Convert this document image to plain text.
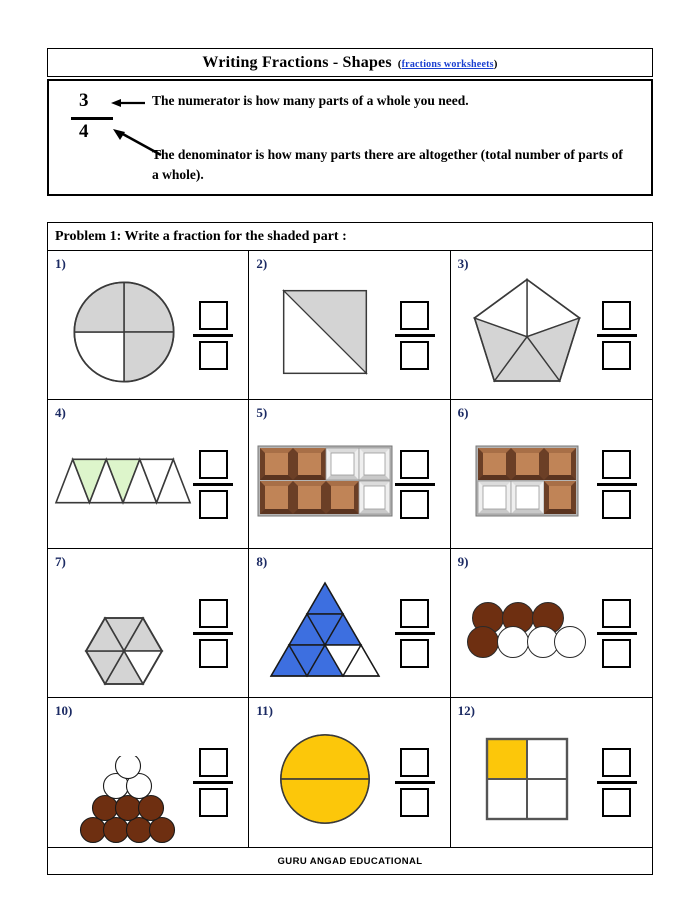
Writing Fractions - Shapes (fractions worksheets)
3
4
The numerator is how many parts of a whole you need.
The denominator is how many parts there are altogether (total number of parts of a whole).
Problem 1: Write a fraction for the shaded part :
1)	2)	3)
4)	5)	6)
7)	8)	9)
10)	11)	12)
GURU ANGAD EDUCATIONAL
